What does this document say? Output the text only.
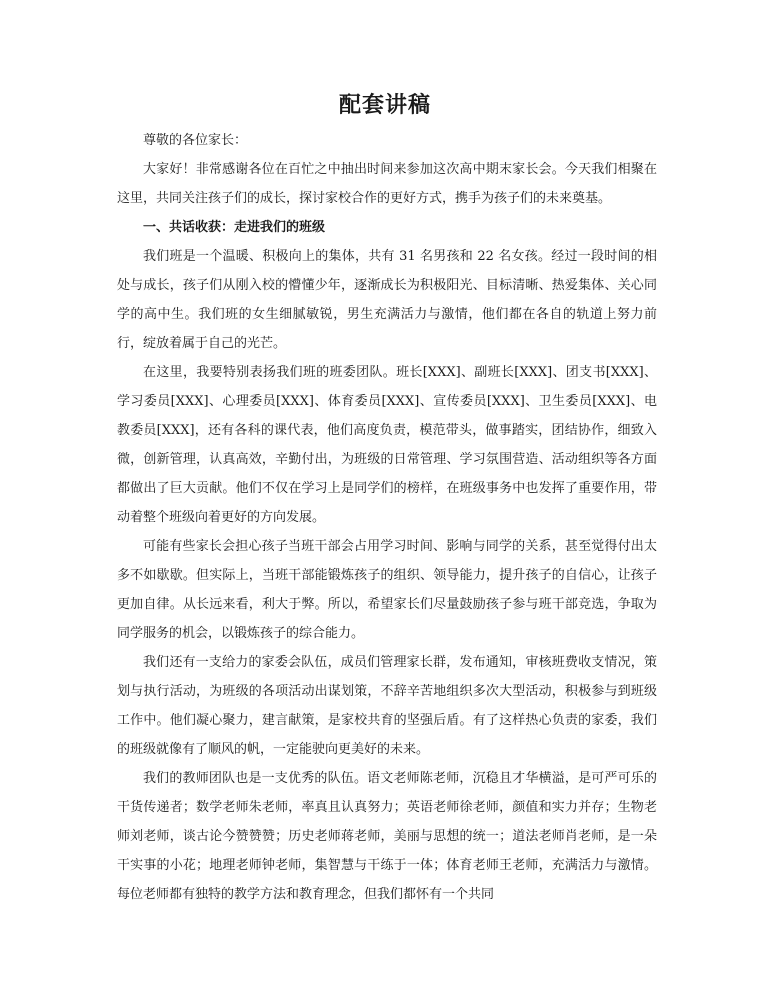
配套讲稿

尊敬的各位家长：

大家好！非常感谢各位在百忙之中抽出时间来参加这次高中期末家长会。今天我们相聚在这里，共同关注孩子们的成长，探讨家校合作的更好方式，携手为孩子们的未来奠基。

一、共话收获：走进我们的班级

我们班是一个温暖、积极向上的集体，共有 31 名男孩和 22 名女孩。经过一段时间的相处与成长，孩子们从刚入校的懵懂少年，逐渐成长为积极阳光、目标清晰、热爱集体、关心同学的高中生。我们班的女生细腻敏锐，男生充满活力与激情，他们都在各自的轨道上努力前行，绽放着属于自己的光芒。

在这里，我要特别表扬我们班的班委团队。班长[XXX]、副班长[XXX]、团支书[XXX]、学习委员[XXX]、心理委员[XXX]、体育委员[XXX]、宣传委员[XXX]、卫生委员[XXX]、电教委员[XXX]，还有各科的课代表，他们高度负责，模范带头，做事踏实，团结协作，细致入微，创新管理，认真高效，辛勤付出，为班级的日常管理、学习氛围营造、活动组织等各方面都做出了巨大贡献。他们不仅在学习上是同学们的榜样，在班级事务中也发挥了重要作用，带动着整个班级向着更好的方向发展。

可能有些家长会担心孩子当班干部会占用学习时间、影响与同学的关系，甚至觉得付出太多不如歇歇。但实际上，当班干部能锻炼孩子的组织、领导能力，提升孩子的自信心，让孩子更加自律。从长远来看，利大于弊。所以，希望家长们尽量鼓励孩子参与班干部竞选，争取为同学服务的机会，以锻炼孩子的综合能力。

我们还有一支给力的家委会队伍，成员们管理家长群，发布通知，审核班费收支情况，策划与执行活动，为班级的各项活动出谋划策，不辞辛苦地组织多次大型活动，积极参与到班级工作中。他们凝心聚力，建言献策，是家校共育的坚强后盾。有了这样热心负责的家委，我们的班级就像有了顺风的帆，一定能驶向更美好的未来。

我们的教师团队也是一支优秀的队伍。语文老师陈老师，沉稳且才华横溢，是可严可乐的干货传递者；数学老师朱老师，率真且认真努力；英语老师徐老师，颜值和实力并存；生物老师刘老师，谈古论今赞赞赞；历史老师蒋老师，美丽与思想的统一；道法老师肖老师，是一朵干实事的小花；地理老师钟老师，集智慧与干练于一体；体育老师王老师，充满活力与激情。每位老师都有独特的教学方法和教育理念，但我们都怀有一个共同
